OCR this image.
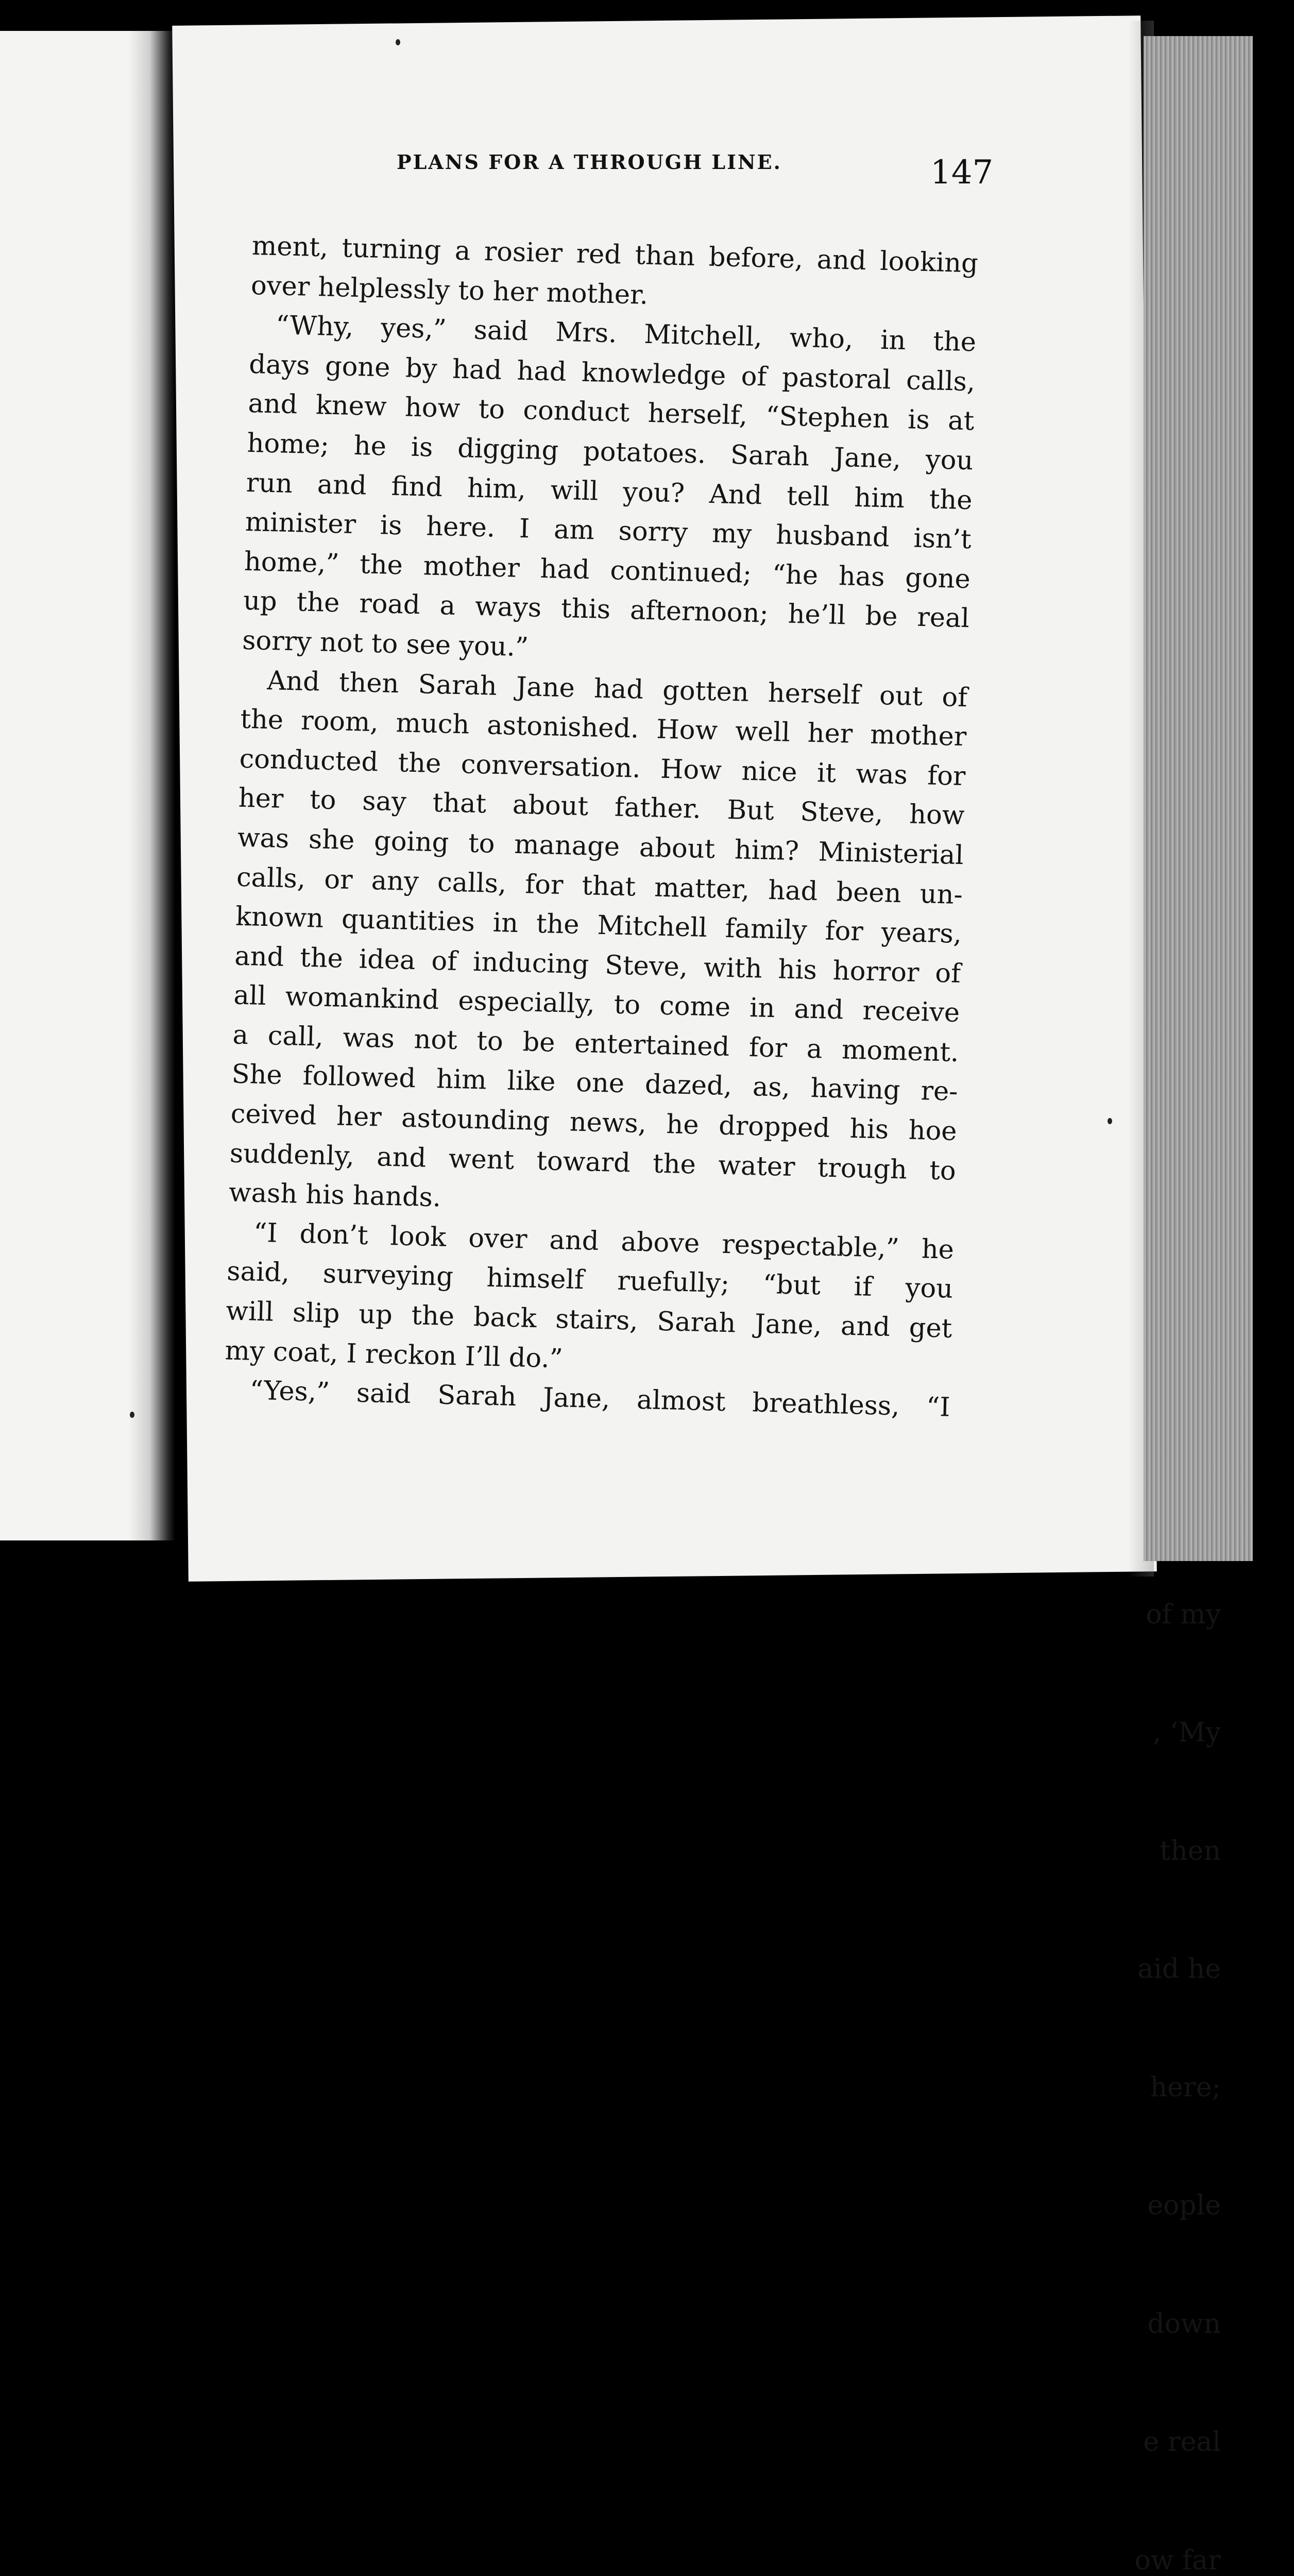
of my

, ‘My

then

aid he

here;

eople

down

e real

ow far

PLANS FOR A THROUGH LINE.	147
ment, turning a rosier red than before, and looking
over helplessly to her mother.
“Why, yes,” said Mrs. Mitchell, who, in the
days gone by had had knowledge of pastoral calls,
and knew how to conduct herself, “Stephen is at
home; he is digging potatoes. Sarah Jane, you
run and find him, will you? And tell him the
minister is here. I am sorry my husband isn’t
home,” the mother had continued; “he has gone
up the road a ways this afternoon; he’ll be real
sorry not to see you.”
And then Sarah Jane had gotten herself out of
the room, much astonished. How well her mother
conducted the conversation. How nice it was for
her to say that about father. But Steve, how
was she going to manage about him? Ministerial
calls, or any calls, for that matter, had been un-
known quantities in the Mitchell family for years,
and the idea of inducing Steve, with his horror of
all womankind especially, to come in and receive
a call, was not to be entertained for a moment.
She followed him like one dazed, as, having re-
ceived her astounding news, he dropped his hoe
suddenly, and went toward the water trough to
wash his hands.
“I don’t look over and above respectable,” he
said, surveying himself ruefully; “but if you
will slip up the back stairs, Sarah Jane, and get
my coat, I reckon I’ll do.”
“Yes,” said Sarah Jane, almost breathless, “I
